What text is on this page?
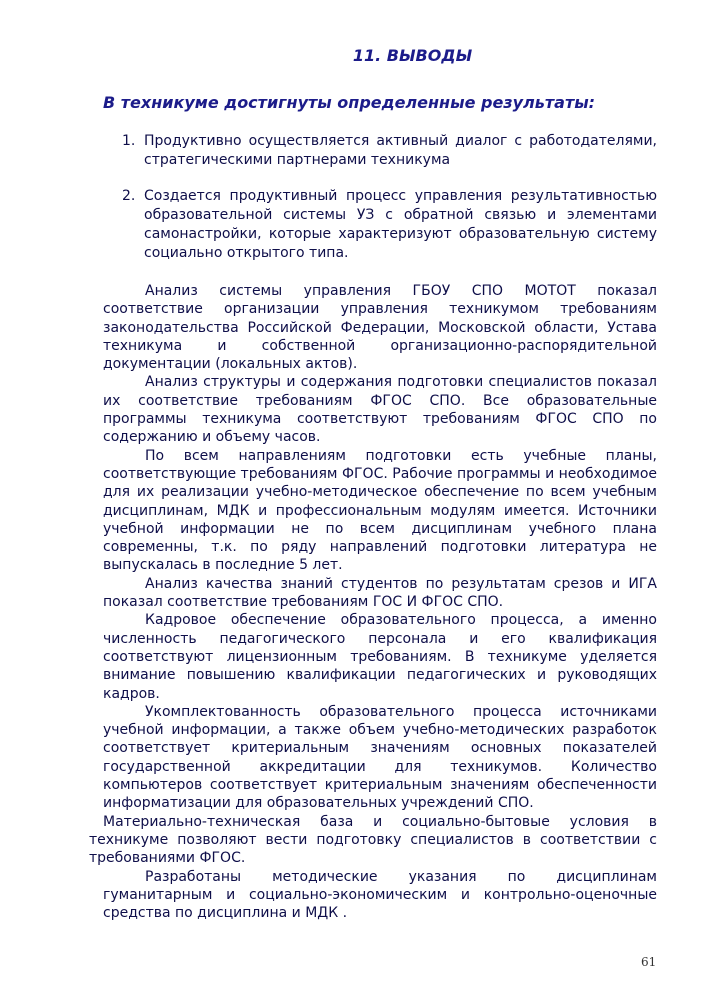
11. ВЫВОДЫ
В техникуме достигнуты определенные результаты:
1. Продуктивно осуществляется активный диалог с работодателями, стратегическими партнерами техникума
2. Создается продуктивный процесс управления результативностью образовательной системы УЗ с обратной связью и элементами самонастройки, которые характеризуют образовательную систему социально открытого типа.

Анализ системы управления ГБОУ СПО МОТОТ показал соответствие организации управления техникумом требованиям законодательства Российской Федерации, Московской области, Устава техникума и собственной организационно-распорядительной документации (локальных актов).

Анализ структуры и содержания подготовки специалистов показал их соответствие требованиям ФГОС СПО. Все образовательные программы техникума соответствуют требованиям ФГОС СПО по содержанию и объему часов.

По всем направлениям подготовки есть учебные планы, соответствующие требованиям ФГОС. Рабочие программы и необходимое для их реализации учебно-методическое обеспечение по всем учебным дисциплинам, МДК и профессиональным модулям имеется. Источники учебной информации не по всем дисциплинам учебного плана современны, т.к. по ряду направлений подготовки литература не выпускалась в последние 5 лет.

Анализ качества знаний студентов по результатам срезов и ИГА показал соответствие требованиям ГОС И ФГОС СПО.

Кадровое обеспечение образовательного процесса, а именно численность педагогического персонала и его квалификация соответствуют лицензионным требованиям. В техникуме уделяется внимание повышению квалификации педагогических и руководящих кадров.

Укомплектованность образовательного процесса источниками учебной информации, а также объем учебно-методических разработок соответствует критериальным значениям основных показателей государственной аккредитации для техникумов. Количество компьютеров соответствует критериальным значениям обеспеченности информатизации для образовательных учреждений СПО.

Материально-техническая база и социально-бытовые условия в техникуме позволяют вести подготовку специалистов в соответствии с требованиями ФГОС.

Разработаны методические указания по дисциплинам гуманитарным и социально-экономическим и контрольно-оценочные средства по дисциплина и МДК .

61
